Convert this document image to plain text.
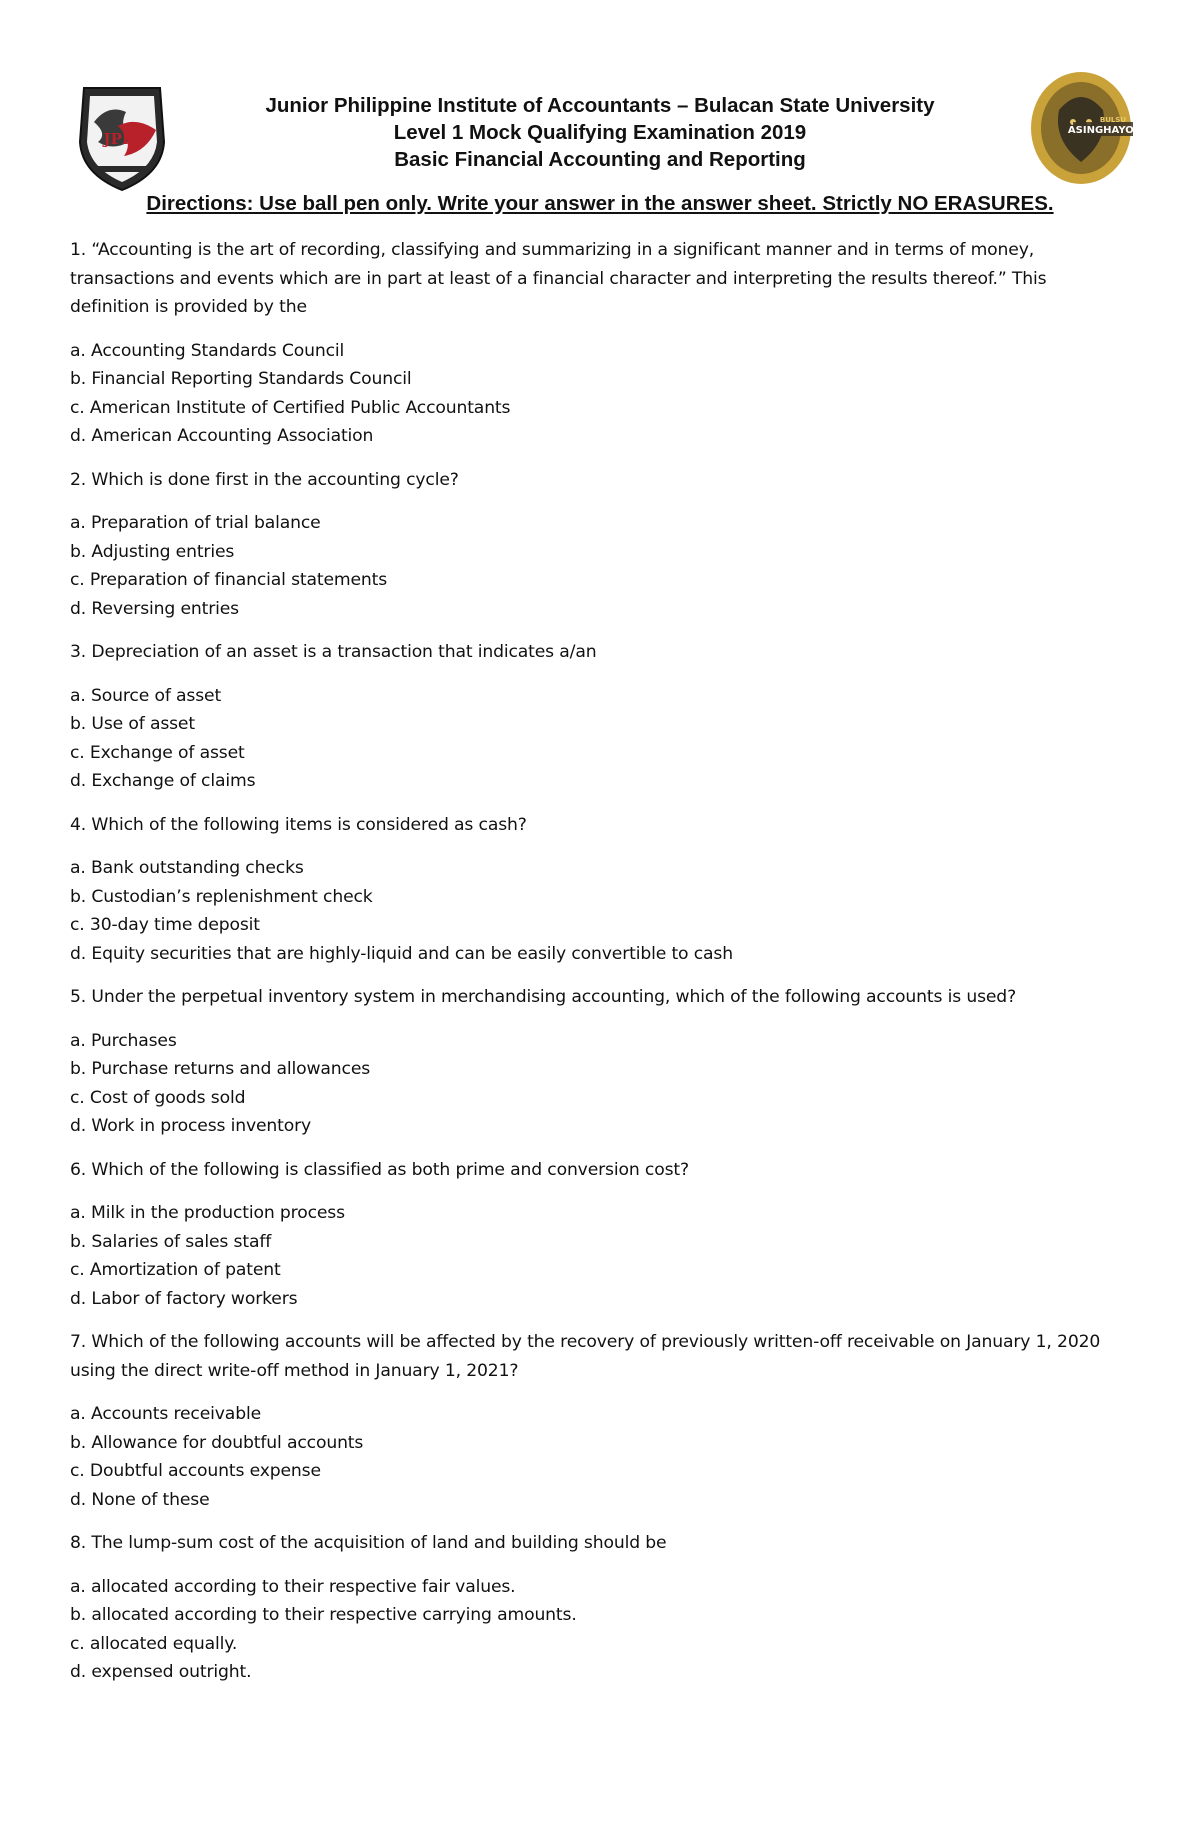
JPIA
BULSU
ASINGHAYON
Junior Philippine Institute of Accountants – Bulacan State University
Level 1 Mock Qualifying Examination 2019
Basic Financial Accounting and Reporting
Directions: Use ball pen only. Write your answer in the answer sheet. Strictly NO ERASURES.
1. “Accounting is the art of recording, classifying and summarizing in a significant manner and in terms of money, transactions and events which are in part at least of a financial character and interpreting the results thereof.” This definition is provided by the
a. Accounting Standards Council
b. Financial Reporting Standards Council
c. American Institute of Certified Public Accountants
d. American Accounting Association
2. Which is done first in the accounting cycle?
a. Preparation of trial balance
b. Adjusting entries
c. Preparation of financial statements
d. Reversing entries
3. Depreciation of an asset is a transaction that indicates a/an
a. Source of asset
b. Use of asset
c. Exchange of asset
d. Exchange of claims
4. Which of the following items is considered as cash?
a. Bank outstanding checks
b. Custodian’s replenishment check
c. 30-day time deposit
d. Equity securities that are highly-liquid and can be easily convertible to cash
5. Under the perpetual inventory system in merchandising accounting, which of the following accounts is used?
a. Purchases
b. Purchase returns and allowances
c. Cost of goods sold
d. Work in process inventory
6. Which of the following is classified as both prime and conversion cost?
a. Milk in the production process
b. Salaries of sales staff
c. Amortization of patent
d. Labor of factory workers
7. Which of the following accounts will be affected by the recovery of previously written-off receivable on January 1, 2020 using the direct write-off method in January 1, 2021?
a. Accounts receivable
b. Allowance for doubtful accounts
c. Doubtful accounts expense
d. None of these
8. The lump-sum cost of the acquisition of land and building should be
a. allocated according to their respective fair values.
b. allocated according to their respective carrying amounts.
c. allocated equally.
d. expensed outright.
